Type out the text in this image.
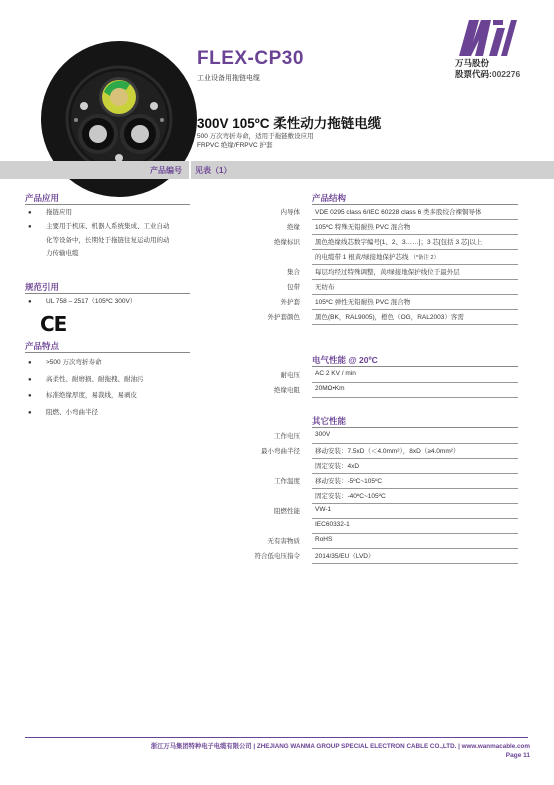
FLEX-CP30
工业设备用拖链电缆
万马股份
股票代码:002276
300V 105ºC 柔性动力拖链电缆
500 万次弯折寿命，适用于拖链敷设应用
FRPVC 绝缘/FRPVC 护套
产品编号 见表（1）
产品应用
● 拖链应用
● 主要用于机床、机器人系统集成、工业自动
化等设备中，长期处于拖链往复运动用的动
力传输电缆
规范引用
● UL 758 – 2517（105ºC 300V）
CE
产品特点
● >500 万次弯折寿命
● 高柔性、耐磨损、耐拖拽、耐油污
● 标准绝缘厚度，易裁线，易剥皮
● 阻燃、小弯曲半径
产品结构
内导体 VDE 0295 class 6/IEC 60228 class 6 类多股绞合裸铜导体
绝缘 105ºC 特殊无铅耐热 PVC 混合物
绝缘标识 黑色绝缘线芯数字编号[1、2、3……]；3 芯[包括 3 芯]以上
的电缆带 1 根黄/绿接地保护芯线 （*备注 2）
集合 每层均经过特殊调整，黄/绿接地保护线位于最外层
包带 无纺布
外护套 105ºC 弹性无铅耐热 PVC 混合物
外护套颜色 黑色(BK，RAL9005)，橙色（OG，RAL2003）客需
电气性能 @ 20ºC
耐电压 AC 2 KV / min
绝缘电阻 20MΩ•Km
其它性能
工作电压 300V
最小弯曲半径 移动安装：7.5xD（＜4.0mm²），8xD（≥4.0mm²）
固定安装：4xD
工作温度 移动安装：-5ºC~105ºC
固定安装：-40ºC~105ºC
阻燃性能 VW-1
IEC60332-1
无有害物质 RoHS
符合低电压指令 2014/35/EU（LVD）
浙江万马集团特种电子电缆有限公司 | ZHEJIANG WANMA GROUP SPECIAL ELECTRON CABLE CO.,LTD. | www.wanmacable.com
Page 11
